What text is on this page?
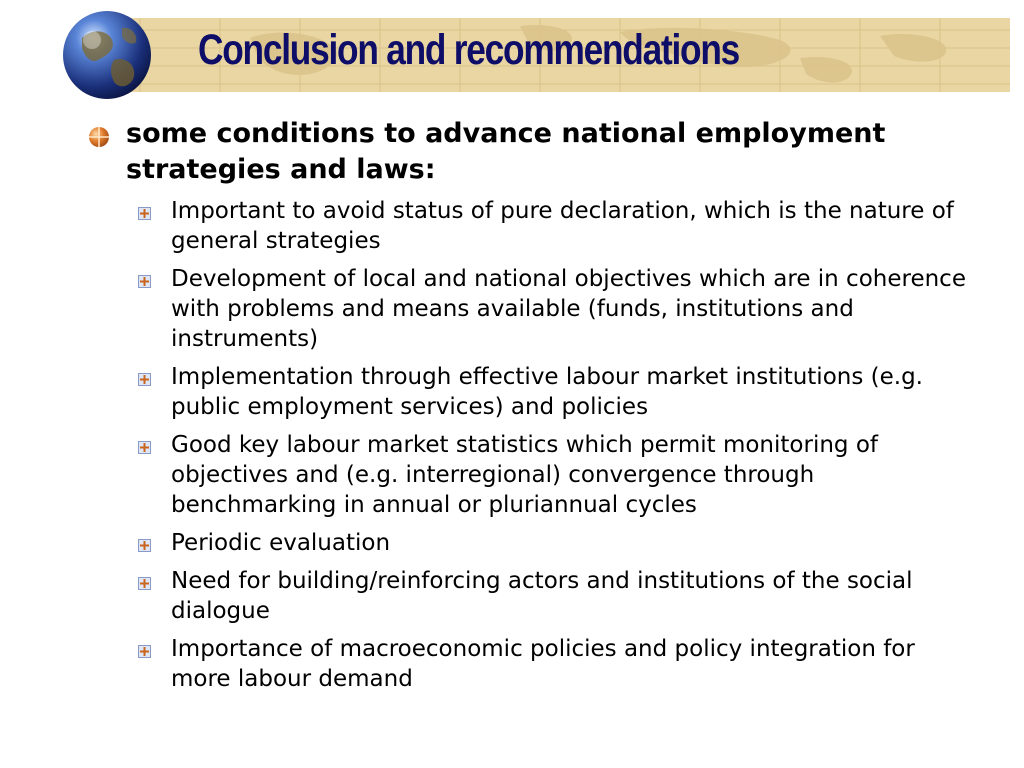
Conclusion and recommendations
some conditions to advance national employment strategies and laws:
Important to avoid status of pure declaration, which is the nature of general strategies
Development of local and national objectives which are in coherence with problems and means available (funds, institutions and instruments)
Implementation through effective labour market institutions (e.g. public employment services) and policies
Good key labour market statistics which permit monitoring of objectives and (e.g. interregional) convergence through benchmarking in annual or pluriannual cycles
Periodic evaluation
Need for building/reinforcing actors and institutions of the social dialogue
Importance of macroeconomic policies and policy integration for more labour demand
